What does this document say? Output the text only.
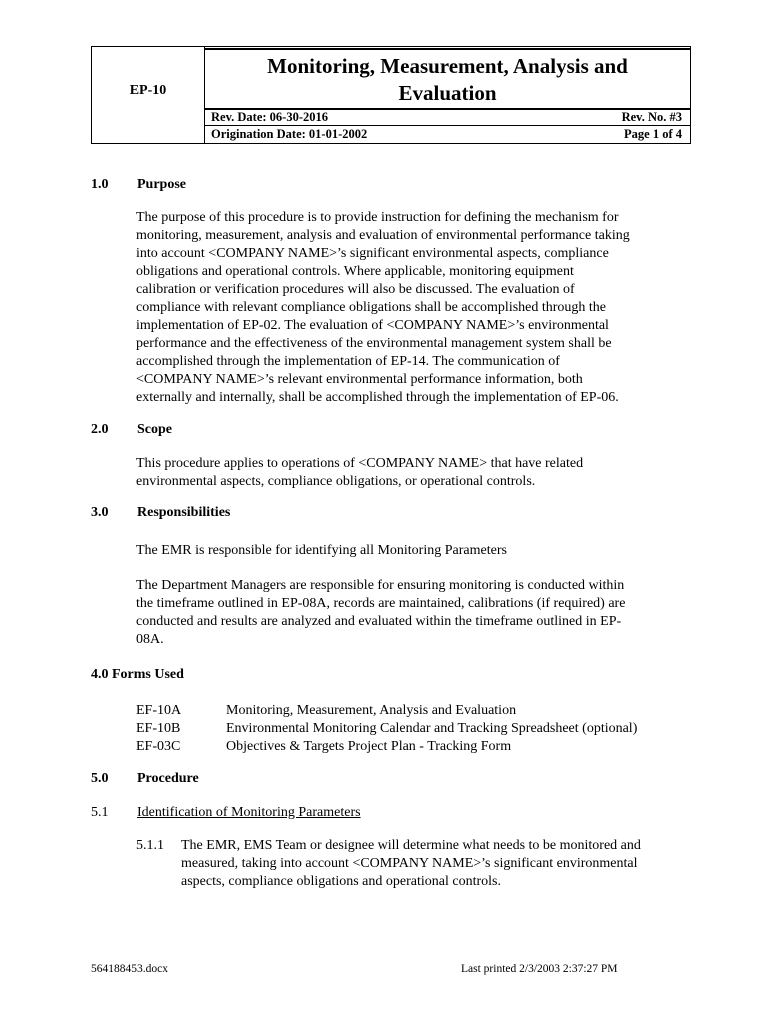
EP-10
Monitoring, Measurement, Analysis and
Evaluation
Rev. Date: 06-30-2016	Rev. No. #3
Origination Date: 01-01-2002	Page 1 of 4
1.0 Purpose

The purpose of this procedure is to provide instruction for defining the mechanism for

monitoring, measurement, analysis and evaluation of environmental performance taking

into account <COMPANY NAME>’s significant environmental aspects, compliance

obligations and operational controls. Where applicable, monitoring equipment

calibration or verification procedures will also be discussed. The evaluation of

compliance with relevant compliance obligations shall be accomplished through the

implementation of EP-02. The evaluation of <COMPANY NAME>’s environmental

performance and the effectiveness of the environmental management system shall be

accomplished through the implementation of EP-14. The communication of

<COMPANY NAME>’s relevant environmental performance information, both

externally and internally, shall be accomplished through the implementation of EP-06.

2.0 Scope

This procedure applies to operations of <COMPANY NAME> that have related

environmental aspects, compliance obligations, or operational controls.

3.0 Responsibilities

The EMR is responsible for identifying all Monitoring Parameters

The Department Managers are responsible for ensuring monitoring is conducted within

the timeframe outlined in EP-08A, records are maintained, calibrations (if required) are

conducted and results are analyzed and evaluated within the timeframe outlined in EP-

08A.

4.0 Forms Used
EF-10A	Monitoring, Measurement, Analysis and Evaluation
EF-10B	Environmental Monitoring Calendar and Tracking Spreadsheet (optional)
EF-03C	Objectives & Targets Project Plan - Tracking Form
5.0 Procedure
5.1 Identification of Monitoring Parameters
5.1.1	The EMR, EMS Team or designee will determine what needs to be monitored and
measured, taking into account <COMPANY NAME>’s significant environmental
aspects, compliance obligations and operational controls.
564188453.docx	Last printed 2/3/2003 2:37:27 PM
